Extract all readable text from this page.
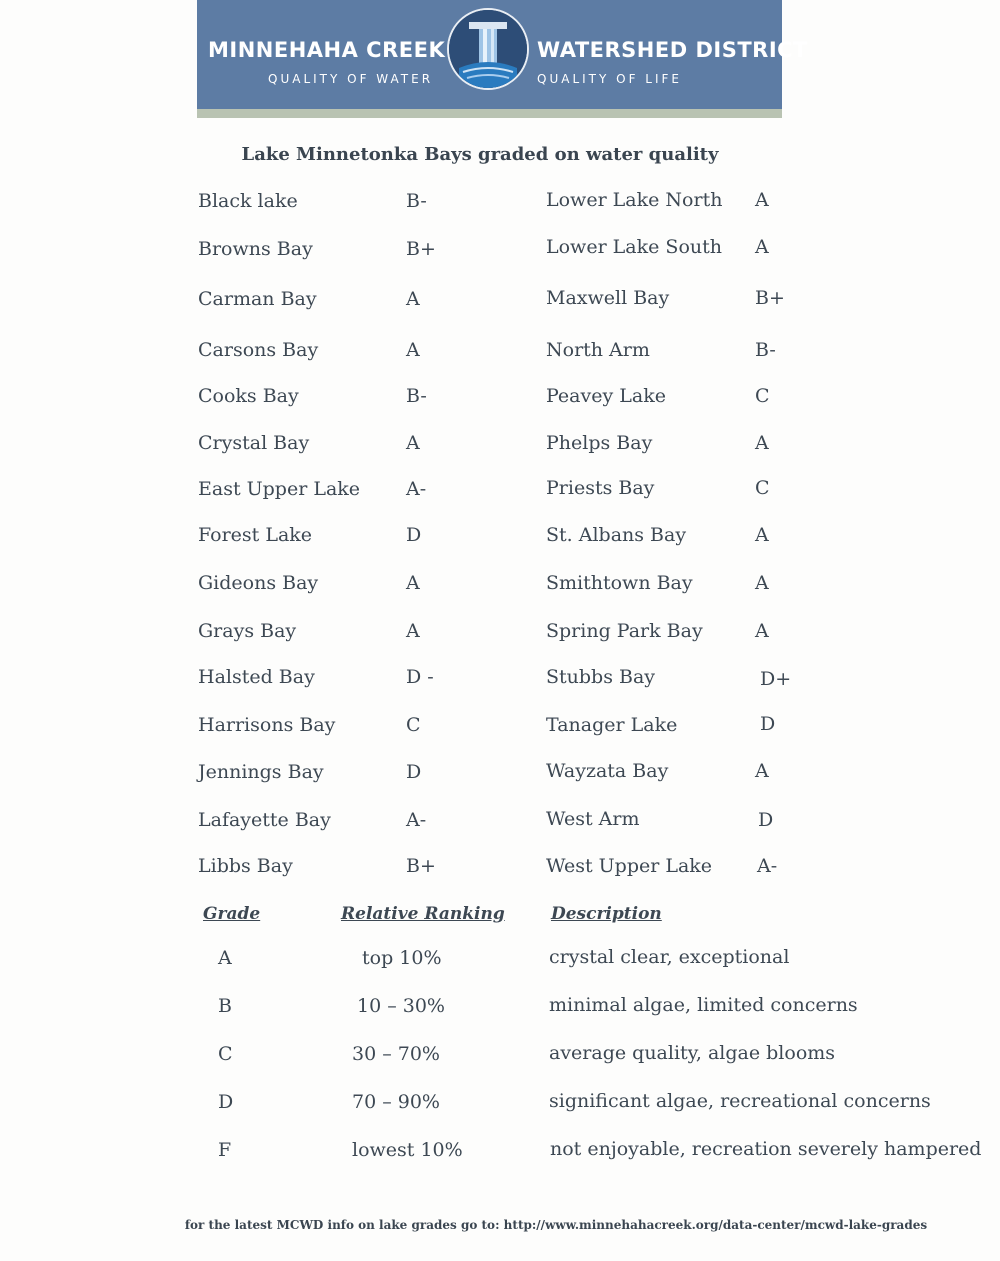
MINNEHAHA CREEK	WATERSHED DISTRICT
QUALITY OF WATER	QUALITY OF LIFE
Lake Minnetonka Bays graded on water quality
Black lake	B-
Browns Bay	B+
Carman Bay	A
Carsons Bay	A
Cooks Bay	B-
Crystal Bay	A
East Upper Lake A-
Forest Lake	D
Gideons Bay	A
Grays Bay	A
Halsted Bay	D -
Harrisons Bay	C
Jennings Bay	D
Lafayette Bay	A-
Libbs Bay	B+
Lower Lake North A
Lower Lake South A
Maxwell Bay	B+
North Arm	B-
Peavey Lake	C
Phelps Bay	A
Priests Bay	C
St. Albans Bay	A
Smithtown Bay	A
Spring Park Bay	A
Stubbs Bay	D+
Tanager Lake	D
Wayzata Bay	A
West Arm	D
West Upper Lake A-
Grade	Relative Ranking	Description
A	top 10%	crystal clear, exceptional
B	10 – 30%	minimal algae, limited concerns
C	30 – 70%	average quality, algae blooms
D	70 – 90%	significant algae, recreational concerns
F	lowest 10%	not enjoyable, recreation severely hampered
for the latest MCWD info on lake grades go to: http://www.minnehahacreek.org/data-center/mcwd-lake-grades
